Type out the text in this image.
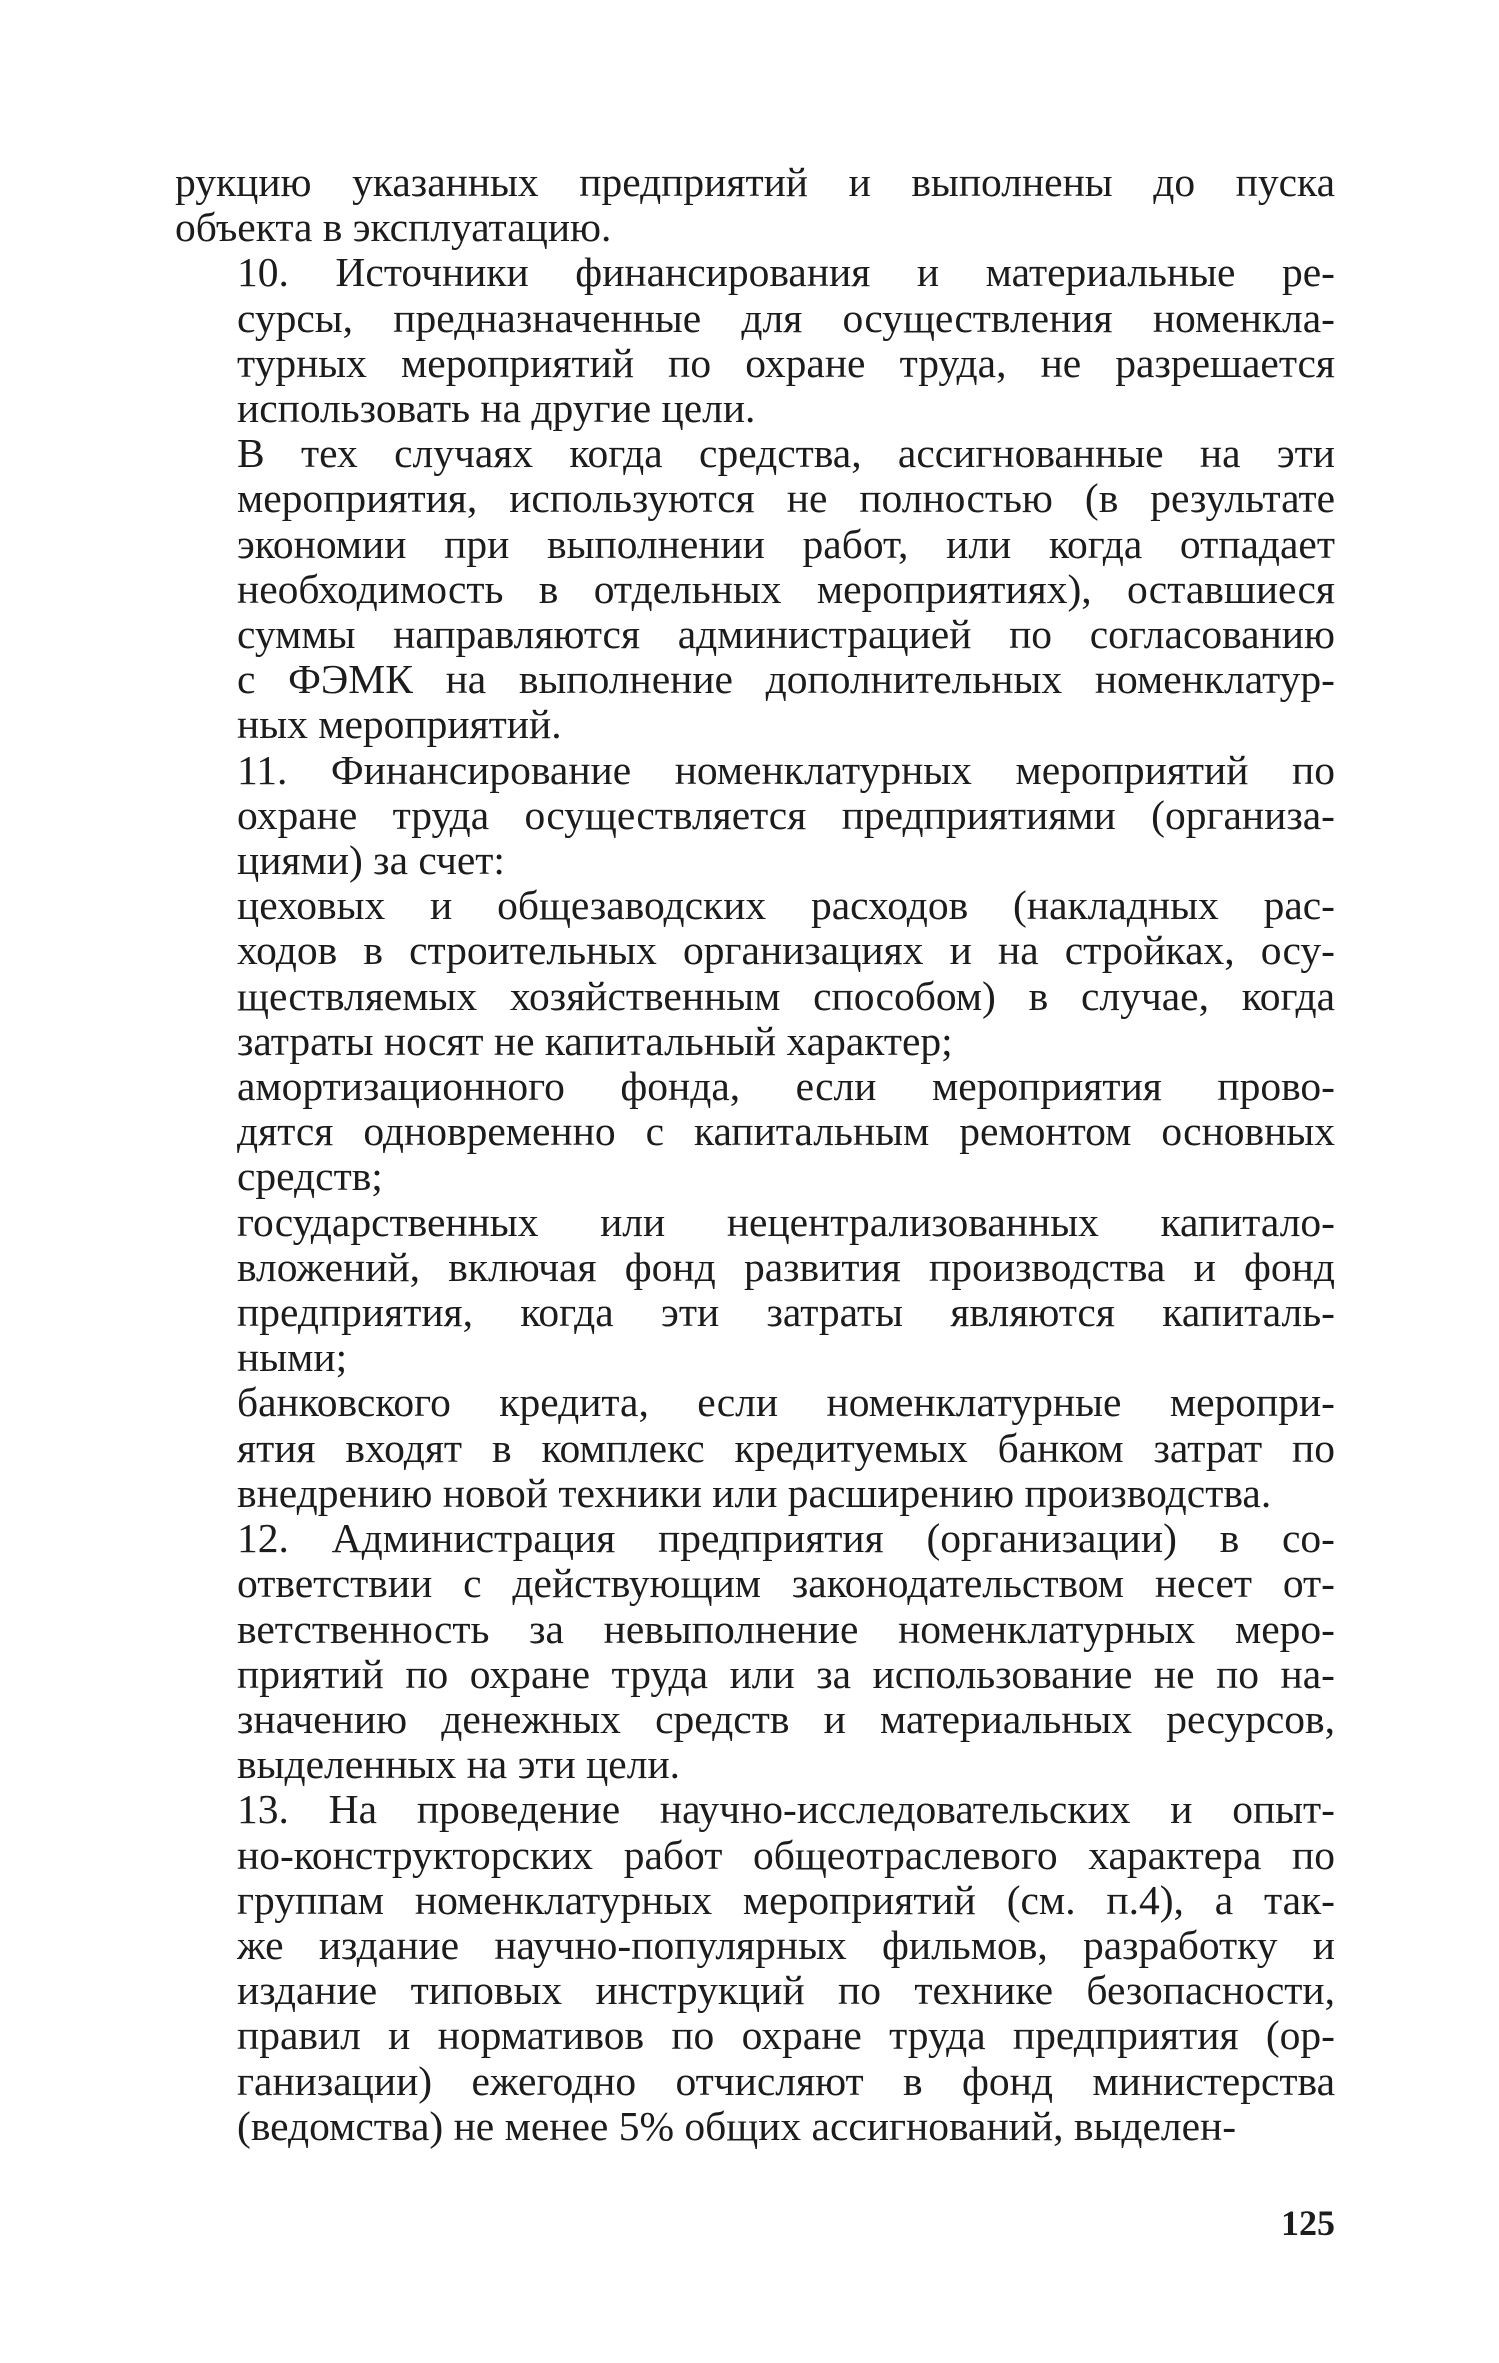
рукцию указанных предприятий и выполнены до пуска
объекта в эксплуатацию.

10. Источники финансирования и материальные ре-
сурсы, предназначенные для осуществления номенкла-
турных мероприятий по охране труда, не разрешается
использовать на другие цели.

В тех случаях когда средства, ассигнованные на эти
мероприятия, используются не полностью (в результате
экономии при выполнении работ, или когда отпадает
необходимость в отдельных мероприятиях), оставшиеся
суммы направляются администрацией по согласованию
с ФЭМК на выполнение дополнительных номенклатур-
ных мероприятий.

11. Финансирование номенклатурных мероприятий по
охране труда осуществляется предприятиями (организа-
циями) за счет:

цеховых и общезаводских расходов (накладных рас-
ходов в строительных организациях и на стройках, осу-
ществляемых хозяйственным способом) в случае, когда
затраты носят не капитальный характер;

амортизационного фонда, если мероприятия прово-
дятся одновременно с капитальным ремонтом основных
средств;

государственных или нецентрализованных капитало-
вложений, включая фонд развития производства и фонд
предприятия, когда эти затраты являются капиталь-
ными;

банковского кредита, если номенклатурные меропри-
ятия входят в комплекс кредитуемых банком затрат по
внедрению новой техники или расширению производства.

12. Администрация предприятия (организации) в со-
ответствии с действующим законодательством несет от-
ветственность за невыполнение номенклатурных меро-
приятий по охране труда или за использование не по на-
значению денежных средств и материальных ресурсов,
выделенных на эти цели.

13. На проведение научно-исследовательских и опыт-
но-конструкторских работ общеотраслевого характера по
группам номенклатурных мероприятий (см. п.4), а так-
же издание научно-популярных фильмов, разработку и
издание типовых инструкций по технике безопасности,
правил и нормативов по охране труда предприятия (ор-
ганизации) ежегодно отчисляют в фонд министерства
(ведомства) не менее 5% общих ассигнований, выделен-

125
